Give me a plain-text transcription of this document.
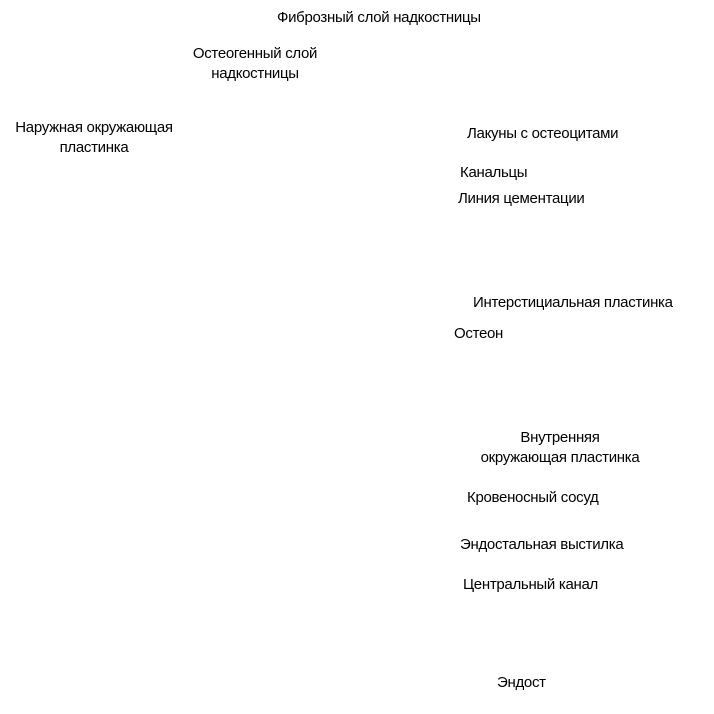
Фиброзный слой надкостницы
Остеогенный слой
надкостницы
Наружная окружающая
пластинка
Лакуны с остеоцитами
Канальцы
Линия цементации
Интерстициальная пластинка
Остеон
Внутренняя
окружающая пластинка
Кровеносный сосуд
Эндостальная выстилка
Центральный канал
Эндост
